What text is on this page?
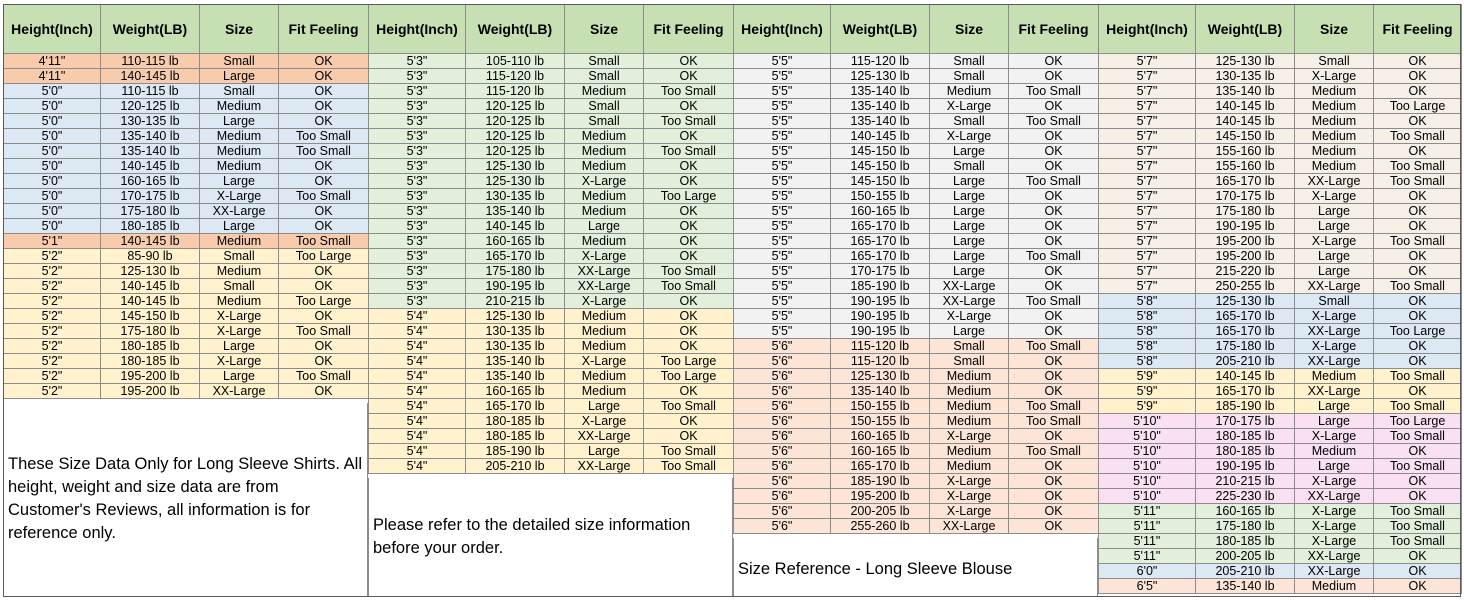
Height(Inch)	Weight(LB)	Size	Fit Feeling
4'11"	110-115 lb	Small	OK
4'11"	140-145 lb	Large	OK
5'0"	110-115 lb	Small	OK
5'0"	120-125 lb	Medium	OK
5'0"	130-135 lb	Large	OK
5'0"	135-140 lb	Medium	Too Small
5'0"	135-140 lb	Medium	Too Small
5'0"	140-145 lb	Medium	OK
5'0"	160-165 lb	Large	OK
5'0"	170-175 lb	X-Large	Too Small
5'0"	175-180 lb	XX-Large	OK
5'0"	180-185 lb	Large	OK
5'1"	140-145 lb	Medium	Too Small
5'2"	85-90 lb	Small	Too Large
5'2"	125-130 lb	Medium	OK
5'2"	140-145 lb	Small	OK
5'2"	140-145 lb	Medium	Too Large
5'2"	145-150 lb	X-Large	OK
5'2"	175-180 lb	X-Large	Too Small
5'2"	180-185 lb	Large	OK
5'2"	180-185 lb	X-Large	OK
5'2"	195-200 lb	Large	Too Small
5'2"	195-200 lb	XX-Large	OK
Height(Inch)	Weight(LB)	Size	Fit Feeling
5'3"	105-110 lb	Small	OK
5'3"	115-120 lb	Small	OK
5'3"	115-120 lb	Medium	Too Small
5'3"	120-125 lb	Small	OK
5'3"	120-125 lb	Small	Too Small
5'3"	120-125 lb	Medium	OK
5'3"	120-125 lb	Medium	Too Small
5'3"	125-130 lb	Medium	OK
5'3"	125-130 lb	X-Large	OK
5'3"	130-135 lb	Medium	Too Large
5'3"	135-140 lb	Medium	OK
5'3"	140-145 lb	Large	OK
5'3"	160-165 lb	Medium	OK
5'3"	165-170 lb	X-Large	OK
5'3"	175-180 lb	XX-Large	Too Small
5'3"	190-195 lb	XX-Large	Too Small
5'3"	210-215 lb	X-Large	OK
5'4"	125-130 lb	Medium	OK
5'4"	130-135 lb	Medium	OK
5'4"	130-135 lb	Medium	OK
5'4"	135-140 lb	X-Large	Too Large
5'4"	135-140 lb	Medium	Too Large
5'4"	160-165 lb	Medium	OK
5'4"	165-170 lb	Large	Too Small
5'4"	180-185 lb	X-Large	OK
5'4"	180-185 lb	XX-Large	OK
5'4"	185-190 lb	Large	Too Small
5'4"	205-210 lb	XX-Large	Too Small
Height(Inch)	Weight(LB)	Size	Fit Feeling
5'5"	115-120 lb	Small	OK
5'5"	125-130 lb	Small	OK
5'5"	135-140 lb	Medium	Too Small
5'5"	135-140 lb	X-Large	OK
5'5"	135-140 lb	Small	Too Small
5'5"	140-145 lb	X-Large	OK
5'5"	145-150 lb	Large	OK
5'5"	145-150 lb	Small	OK
5'5"	145-150 lb	Large	Too Small
5'5"	150-155 lb	Large	OK
5'5"	160-165 lb	Large	OK
5'5"	165-170 lb	Large	OK
5'5"	165-170 lb	Large	OK
5'5"	165-170 lb	Large	Too Small
5'5"	170-175 lb	Large	OK
5'5"	185-190 lb	XX-Large	OK
5'5"	190-195 lb	XX-Large	Too Small
5'5"	190-195 lb	X-Large	OK
5'5"	190-195 lb	Large	OK
5'6"	115-120 lb	Small	Too Small
5'6"	115-120 lb	Small	OK
5'6"	125-130 lb	Medium	OK
5'6"	135-140 lb	Medium	OK
5'6"	150-155 lb	Medium	Too Small
5'6"	150-155 lb	Medium	Too Small
5'6"	160-165 lb	X-Large	OK
5'6"	160-165 lb	Medium	Too Small
5'6"	165-170 lb	Medium	OK
5'6"	185-190 lb	X-Large	OK
5'6"	195-200 lb	X-Large	OK
5'6"	200-205 lb	X-Large	OK
5'6"	255-260 lb	XX-Large	OK
Height(Inch)	Weight(LB)	Size	Fit Feeling
5'7"	125-130 lb	Small	OK
5'7"	130-135 lb	X-Large	OK
5'7"	135-140 lb	Medium	OK
5'7"	140-145 lb	Medium	Too Large
5'7"	140-145 lb	Medium	OK
5'7"	145-150 lb	Medium	Too Small
5'7"	155-160 lb	Medium	OK
5'7"	155-160 lb	Medium	Too Small
5'7"	165-170 lb	XX-Large	Too Small
5'7"	170-175 lb	X-Large	OK
5'7"	175-180 lb	Large	OK
5'7"	190-195 lb	Large	OK
5'7"	195-200 lb	X-Large	Too Small
5'7"	195-200 lb	Large	OK
5'7"	215-220 lb	Large	OK
5'7"	250-255 lb	XX-Large	Too Small
5'8"	125-130 lb	Small	OK
5'8"	165-170 lb	X-Large	OK
5'8"	165-170 lb	XX-Large	Too Large
5'8"	175-180 lb	X-Large	OK
5'8"	205-210 lb	XX-Large	OK
5'9"	140-145 lb	Medium	Too Small
5'9"	165-170 lb	XX-Large	OK
5'9"	185-190 lb	Large	Too Small
5'10"	170-175 lb	Large	Too Large
5'10"	180-185 lb	X-Large	Too Small
5'10"	180-185 lb	Medium	OK
5'10"	190-195 lb	Large	Too Small
5'10"	210-215 lb	X-Large	OK
5'10"	225-230 lb	XX-Large	OK
5'11"	160-165 lb	X-Large	Too Small
5'11"	175-180 lb	X-Large	Too Small
5'11"	180-185 lb	X-Large	Too Small
5'11"	200-205 lb	XX-Large	OK
6'0"	205-210 lb	XX-Large	OK
6'5"	135-140 lb	Medium	OK
These Size Data Only for Long Sleeve Shirts. All height, weight and size data are from Customer's Reviews, all information is for reference only.	Please refer to the detailed size information before your order.
Size Reference - Long Sleeve Blouse
